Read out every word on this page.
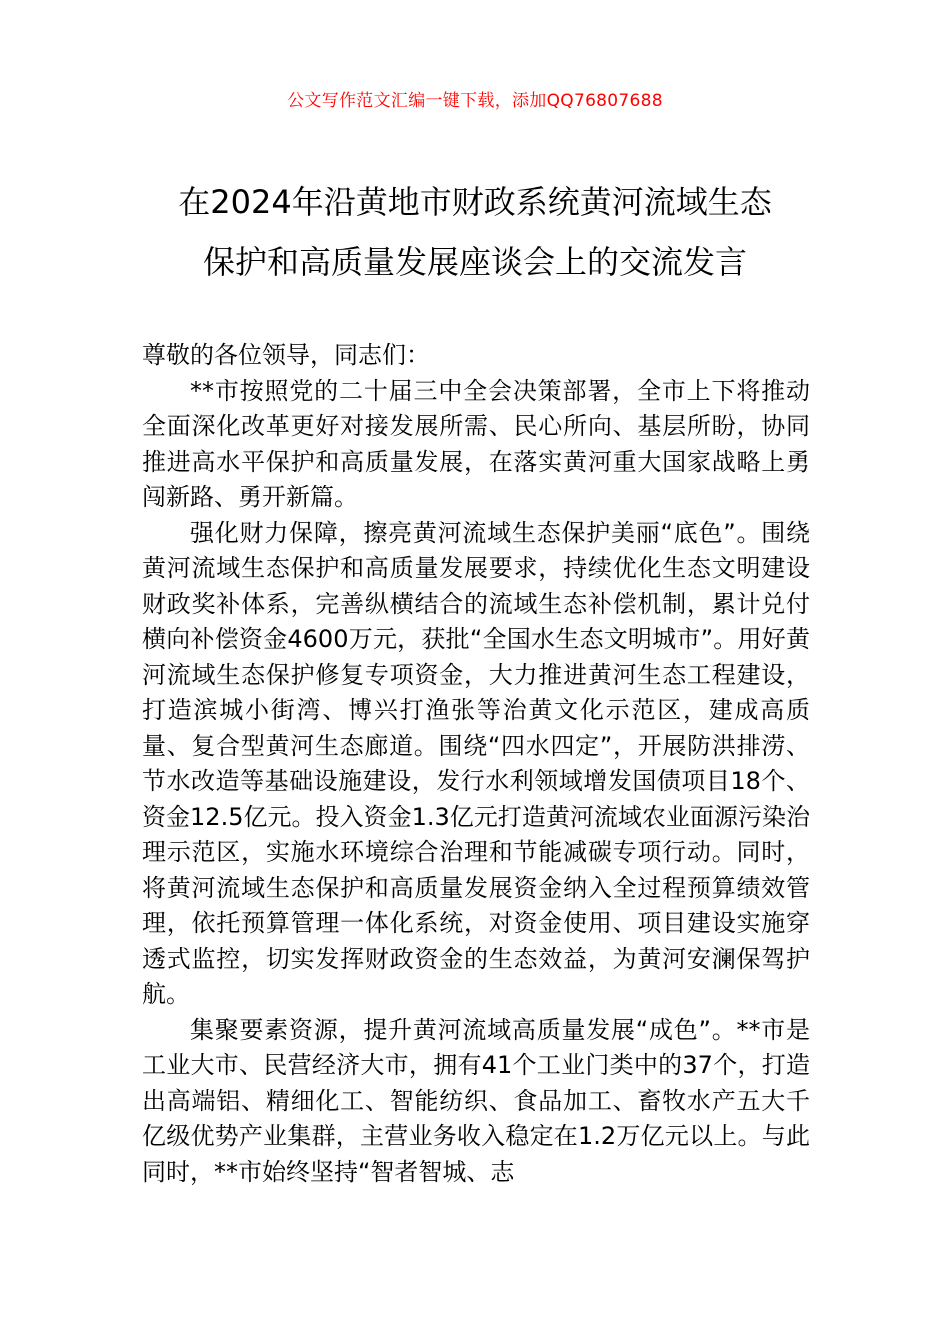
公文写作范文汇编一键下载，添加QQ76807688
在2024年沿黄地市财政系统黄河流域生态
保护和高质量发展座谈会上的交流发言

尊敬的各位领导，同志们：

**市按照党的二十届三中全会决策部署，全市上下将推动全面深化改革更好对接发展所需、民心所向、基层所盼，协同推进高水平保护和高质量发展，在落实黄河重大国家战略上勇闯新路、勇开新篇。

强化财力保障，擦亮黄河流域生态保护美丽“底色”。围绕黄河流域生态保护和高质量发展要求，持续优化生态文明建设财政奖补体系，完善纵横结合的流域生态补偿机制，累计兑付横向补偿资金4600万元，获批“全国水生态文明城市”。用好黄河流域生态保护修复专项资金，大力推进黄河生态工程建设，打造滨城小街湾、博兴打渔张等治黄文化示范区，建成高质量、复合型黄河生态廊道。围绕“四水四定”，开展防洪排涝、节水改造等基础设施建设，发行水利领域增发国债项目18个、资金12.5亿元。投入资金1.3亿元打造黄河流域农业面源污染治理示范区，实施水环境综合治理和节能减碳专项行动。同时，将黄河流域生态保护和高质量发展资金纳入全过程预算绩效管理，依托预算管理一体化系统，对资金使用、项目建设实施穿透式监控，切实发挥财政资金的生态效益，为黄河安澜保驾护航。

集聚要素资源，提升黄河流域高质量发展“成色”。**市是工业大市、民营经济大市，拥有41个工业门类中的37个，打造出高端铝、精细化工、智能纺织、食品加工、畜牧水产五大千亿级优势产业集群，主营业务收入稳定在1.2万亿元以上。与此同时，**市始终坚持“智者智城、志
